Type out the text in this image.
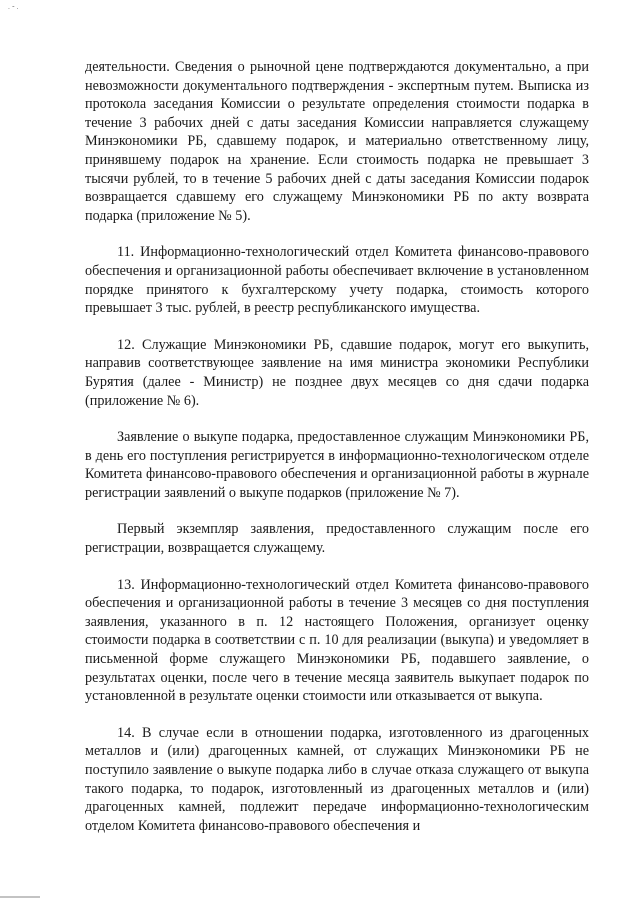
· ˘ ·

деятельности. Сведения о рыночной цене подтверждаются документально, а при невозможности документального подтверждения - экспертным путем. Выписка из протокола заседания Комиссии о результате определения стоимости подарка в течение 3 рабочих дней с даты заседания Комиссии направляется служащему Минэкономики РБ, сдавшему подарок, и материально ответственному лицу, принявшему подарок на хранение. Если стоимость подарка не превышает 3 тысячи рублей, то в течение 5 рабочих дней с даты заседания Комиссии подарок возвращается сдавшему его служащему Минэкономики РБ по акту возврата подарка (приложение № 5).

11. Информационно-технологический отдел Комитета финансово-правового обеспечения и организационной работы обеспечивает включение в установленном порядке принятого к бухгалтерскому учету подарка, стоимость которого превышает 3 тыс. рублей, в реестр республиканского имущества.

12. Служащие Минэкономики РБ, сдавшие подарок, могут его выкупить, направив соответствующее заявление на имя министра экономики Республики Бурятия (далее - Министр) не позднее двух месяцев со дня сдачи подарка (приложение № 6).

Заявление о выкупе подарка, предоставленное служащим Минэкономики РБ, в день его поступления регистрируется в информационно-технологическом отделе Комитета финансово-правового обеспечения и организационной работы в журнале регистрации заявлений о выкупе подарков (приложение № 7).

Первый экземпляр заявления, предоставленного служащим после его регистрации, возвращается служащему.

13. Информационно-технологический отдел Комитета финансово-правового обеспечения и организационной работы в течение 3 месяцев со дня поступления заявления, указанного в п. 12 настоящего Положения, организует оценку стоимости подарка в соответствии с п. 10 для реализации (выкупа) и уведомляет в письменной форме служащего Минэкономики РБ, подавшего заявление, о результатах оценки, после чего в течение месяца заявитель выкупает подарок по установленной в результате оценки стоимости или отказывается от выкупа.

14. В случае если в отношении подарка, изготовленного из драгоценных металлов и (или) драгоценных камней, от служащих Минэкономики РБ не поступило заявление о выкупе подарка либо в случае отказа служащего от выкупа такого подарка, то подарок, изготовленный из драгоценных металлов и (или) драгоценных камней, подлежит передаче информационно-технологическим отделом Комитета финансово-правового обеспечения и
